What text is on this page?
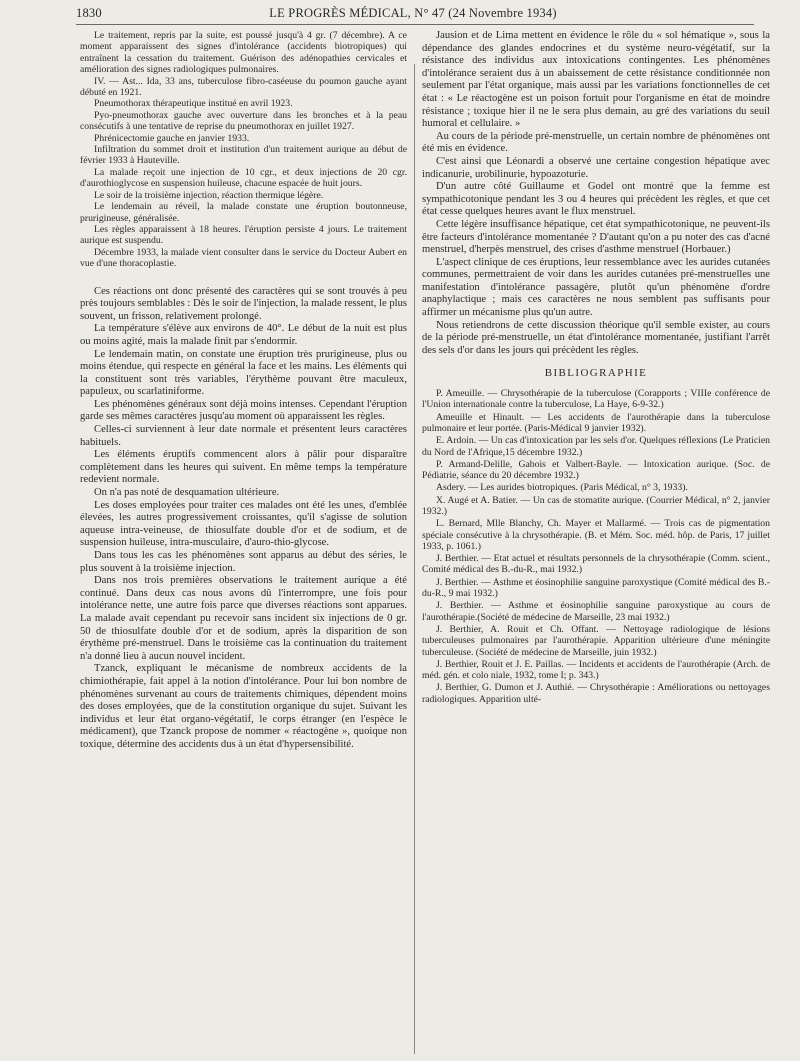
1830	LE PROGRÈS MÉDICAL, N° 47 (24 Novembre 1934)

Le traitement, repris par la suite, est poussé jusqu'à 4 gr. (7 décembre). A ce moment apparaissent des signes d'intolérance (accidents biotropiques) qui entraînent la cessation du traitement. Guérison des adénopathies cervicales et amélioration des signes radiologiques pulmonaires.

IV. — Ast... Ida, 33 ans, tuberculose fibro-caséeuse du poumon gauche ayant débuté en 1921.

Pneumothorax thérapeutique institué en avril 1923.

Pyo-pneumothorax gauche avec ouverture dans les bronches et à la peau consécutifs à une tentative de reprise du pneumothorax en juillet 1927.

Phrénicectomie gauche en janvier 1933.

Infiltration du sommet droit et institution d'un traitement aurique au début de février 1933 à Hauteville.

La malade reçoit une injection de 10 cgr., et deux injections de 20 cgr. d'aurothioglycose en suspension huileuse, chacune espacée de huit jours.

Le soir de la troisième injection, réaction thermique légère.

Le lendemain au réveil, la malade constate une éruption boutonneuse, prurigineuse, généralisée.

Les règles apparaissent à 18 heures. l'éruption persiste 4 jours. Le traitement aurique est suspendu.

Décembre 1933, la malade vient consulter dans le service du Docteur Aubert en vue d'une thoracoplastie.

Ces réactions ont donc présenté des caractères qui se sont trouvés à peu près toujours semblables : Dès le soir de l'injection, la malade ressent, le plus souvent, un frisson, relativement prolongé.

La température s'élève aux environs de 40°. Le début de la nuit est plus ou moins agité, mais la malade finit par s'endormir.

Le lendemain matin, on constate une éruption très prurigineuse, plus ou moins étendue, qui respecte en général la face et les mains. Les éléments qui la constituent sont très variables, l'érythème pouvant être maculeux, papuleux, ou scarlatiniforme.

Les phénomènes généraux sont déjà moins intenses. Cependant l'éruption garde ses mêmes caractères jusqu'au moment où apparaissent les règles.

Celles-ci surviennent à leur date normale et présentent leurs caractères habituels.

Les éléments éruptifs commencent alors à pâlir pour disparaître complètement dans les heures qui suivent. En même temps la température redevient normale.

On n'a pas noté de desquamation ultérieure.

Les doses employées pour traiter ces malades ont été les unes, d'emblée élevées, les autres progressivement croissantes, qu'il s'agisse de solution aqueuse intra-veineuse, de thiosulfate double d'or et de sodium, et de suspension huileuse, intra-musculaire, d'auro-thio-glycose.

Dans tous les cas les phénomènes sont apparus au début des séries, le plus souvent à la troisième injection.

Dans nos trois premières observations le traitement aurique a été continué. Dans deux cas nous avons dû l'interrompre, une fois pour intolérance nette, une autre fois parce que diverses réactions sont apparues. La malade avait cependant pu recevoir sans incident six injections de 0 gr. 50 de thiosulfate double d'or et de sodium, après la disparition de son érythème pré-menstruel. Dans le troisième cas la continuation du traitement n'a donné lieu à aucun nouvel incident.

Tzanck, expliquant le mécanisme de nombreux accidents de la chimiothérapie, fait appel à la notion d'intolérance. Pour lui bon nombre de phénomènes survenant au cours de traitements chimiques, dépendent moins des doses employées, que de la constitution organique du sujet. Suivant les individus et leur état organo-végétatif, le corps étranger (en l'espèce le médicament), que Tzanck propose de nommer « réactogène », quoique non toxique, détermine des accidents dus à un état d'hypersensibilité.

Jausion et de Lima mettent en évidence le rôle du « sol hématique », sous la dépendance des glandes endocrines et du système neuro-végétatif, sur la résistance des individus aux intoxications contingentes. Les phénomènes d'intolérance seraient dus à un abaissement de cette résistance conditionnée non seulement par l'état organique, mais aussi par les variations fonctionnelles de cet état : « Le réactogène est un poison fortuit pour l'organisme en état de moindre résistance ; toxique hier il ne le sera plus demain, au gré des variations du seuil humoral et cellulaire. »

Au cours de la période pré-menstruelle, un certain nombre de phénomènes ont été mis en évidence.

C'est ainsi que Léonardi a observé une certaine congestion hépatique avec indicanurie, urobilinurie, hypoazoturie.

D'un autre côté Guillaume et Godel ont montré que la femme est sympathicotonique pendant les 3 ou 4 heures qui précèdent les règles, et que cet état cesse quelques heures avant le flux menstruel.

Cette légère insuffisance hépatique, cet état sympathicotonique, ne peuvent-ils être facteurs d'intolérance momentanée ? D'autant qu'on a pu noter des cas d'acné menstruel, d'herpès menstruel, des crises d'asthme menstruel (Horbauer.)

L'aspect clinique de ces éruptions, leur ressemblance avec les aurides cutanées communes, permettraient de voir dans les aurides cutanées pré-menstruelles une manifestation d'intolérance passagère, plutôt qu'un phénomène d'ordre anaphylactique ; mais ces caractères ne nous semblent pas suffisants pour affirmer un mécanisme plus qu'un autre.

Nous retiendrons de cette discussion théorique qu'il semble exister, au cours de la période pré-menstruelle, un état d'intolérance momentanée, justifiant l'arrêt des sels d'or dans les jours qui précèdent les règles.

BIBLIOGRAPHIE

P. Ameuille. — Chrysothérapie de la tuberculose (Corapports ; VIIIe conférence de l'Union internationale contre la tuberculose, La Haye, 6-9-32.)

Ameuille et Hinault. — Les accidents de l'aurothérapie dans la tuberculose pulmonaire et leur portée. (Paris-Médical 9 janvier 1932).

E. Ardoin. — Un cas d'intoxication par les sels d'or. Quelques réflexions (Le Praticien du Nord de l'Afrique,15 décembre 1932.)

P. Armand-Delille, Gabois et Valbert-Bayle. — Intoxication aurique. (Soc. de Pédiatrie, séance du 20 décembre 1932.)

Asdery. — Les aurides biotropiques. (Paris Médical, n° 3, 1933).

X. Augé et A. Batier. — Un cas de stomatite aurique. (Courrier Médical, n° 2, janvier 1932.)

L. Bernard, Mlle Blanchy, Ch. Mayer et Mallarmé. — Trois cas de pigmentation spéciale consécutive à la chrysothérapie. (B. et Mém. Soc. méd. hôp. de Paris, 17 juillet 1933, p. 1061.)

J. Berthier. — Etat actuel et résultats personnels de la chrysothérapie (Comm. scient., Comité médical des B.-du-R., mai 1932.)

J. Berthier. — Asthme et éosinophilie sanguine paroxystique (Comité médical des B.-du-R., 9 mai 1932.)

J. Berthier. — Asthme et éosinophilie sanguine paroxystique au cours de l'aurothérapie.(Société de médecine de Marseille, 23 mai 1932.)

J. Berthier, A. Rouit et Ch. Offant. — Nettoyage radiologique de lésions tuberculeuses pulmonaires par l'aurothérapie. Apparition ultérieure d'une méningite tuberculeuse. (Société de médecine de Marseille, juin 1932.)

J. Berthier, Rouit et J. E. Paillas. — Incidents et accidents de l'aurothérapie (Arch. de méd. gén. et colo niale, 1932, tome I; p. 343.)

J. Berthier, G. Dumon et J. Authié. — Chrysothérapie : Améliorations ou nettoyages radiologiques. Apparition ulté-
